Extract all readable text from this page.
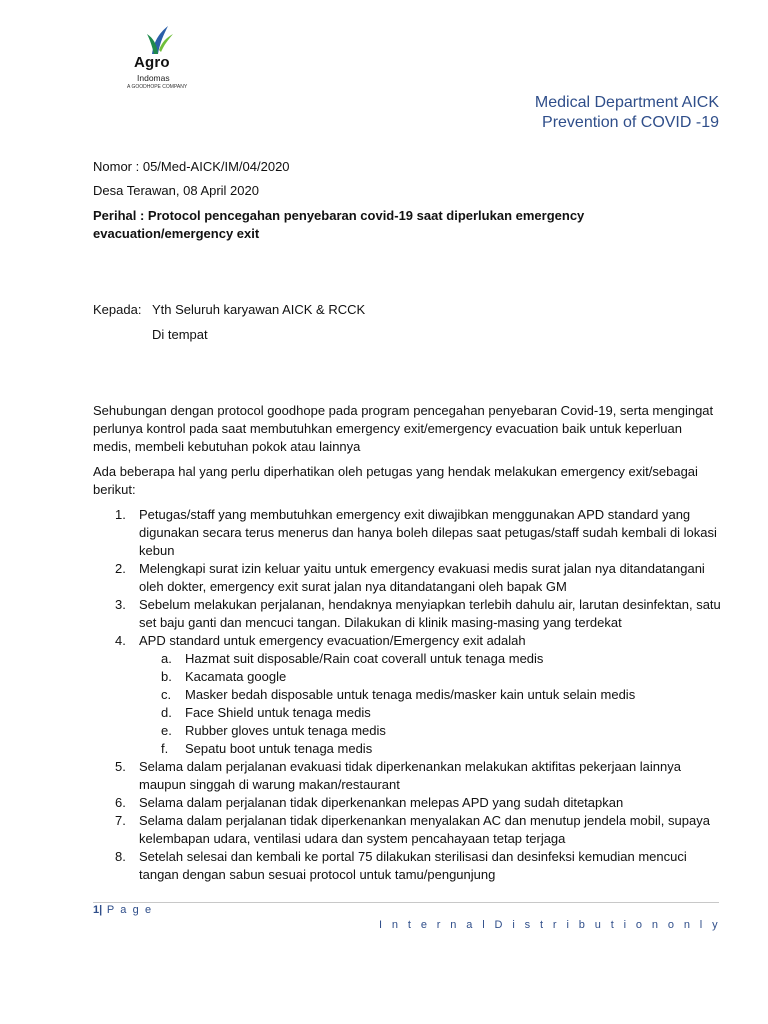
Agro
Indomas
A GOODHOPE COMPANY
Medical Department AICK
Prevention of COVID -19
Nomor : 05/Med-AICK/IM/04/2020
Desa Terawan, 08 April 2020
Perihal : Protocol pencegahan penyebaran covid-19 saat diperlukan emergency evacuation/emergency exit
Kepada: Yth Seluruh karyawan AICK & RCCK
Di tempat
Sehubungan dengan protocol goodhope pada program pencegahan penyebaran Covid-19, serta mengingat perlunya kontrol pada saat membutuhkan emergency exit/emergency evacuation baik untuk keperluan medis, membeli kebutuhan pokok atau lainnya
Ada beberapa hal yang perlu diperhatikan oleh petugas yang hendak melakukan emergency exit/sebagai berikut:
1. Petugas/staff yang membutuhkan emergency exit diwajibkan menggunakan APD standard yang digunakan secara terus menerus dan hanya boleh dilepas saat petugas/staff sudah kembali di lokasi kebun
2. Melengkapi surat izin keluar yaitu untuk emergency evakuasi medis surat jalan nya ditandatangani oleh dokter, emergency exit surat jalan nya ditandatangani oleh bapak GM
3. Sebelum melakukan perjalanan, hendaknya menyiapkan terlebih dahulu air, larutan desinfektan, satu set baju ganti dan mencuci tangan. Dilakukan di klinik masing-masing yang terdekat
4. APD standard untuk emergency evacuation/Emergency exit adalah
a. Hazmat suit disposable/Rain coat coverall untuk tenaga medis
b. Kacamata google
c. Masker bedah disposable untuk tenaga medis/masker kain untuk selain medis
d. Face Shield untuk tenaga medis
e. Rubber gloves untuk tenaga medis
f. Sepatu boot untuk tenaga medis
5. Selama dalam perjalanan evakuasi tidak diperkenankan melakukan aktifitas pekerjaan lainnya maupun singgah di warung makan/restaurant
6. Selama dalam perjalanan tidak diperkenankan melepas APD yang sudah ditetapkan
7. Selama dalam perjalanan tidak diperkenankan menyalakan AC dan menutup jendela mobil, supaya kelembapan udara, ventilasi udara dan system pencahayaan tetap terjaga
8. Setelah selesai dan kembali ke portal 75 dilakukan sterilisasi dan desinfeksi kemudian mencuci tangan dengan sabun sesuai protocol untuk tamu/pengunjung
1| P a g e
I n t e r n a l D i s t r i b u t i o n o n l y
